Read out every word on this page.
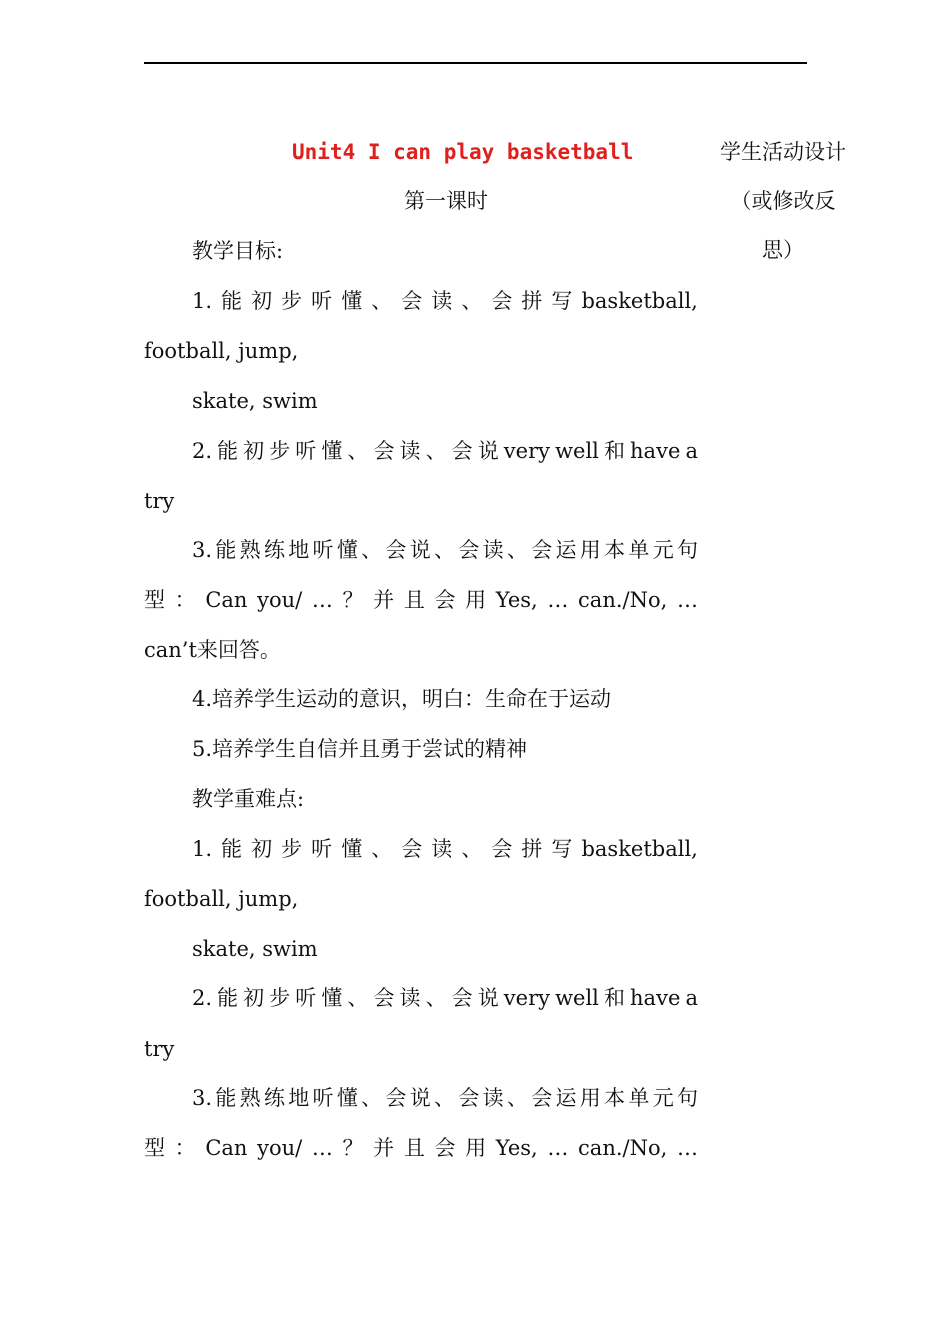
Unit4 I can play basketball
第一课时
学生活动设计
（或修改反
思）
教学目标:
1. 能 初 步 听 懂 、 会 读 、 会 拼 写 basketball,
football, jump,
skate, swim
2. 能 初 步 听 懂 、 会 读 、 会 说 very well 和 have a
try
3. 能 熟 练 地 听 懂 、 会 说 、 会 读 、 会 运 用 本 单 元 句
型 ： Can you/ … ？ 并 且 会 用 Yes, … can./No, …
can’t来回答。
4.培养学生运动的意识，明白：生命在于运动
5.培养学生自信并且勇于尝试的精神
教学重难点:
1. 能 初 步 听 懂 、 会 读 、 会 拼 写 basketball,
football, jump,
skate, swim
2. 能 初 步 听 懂 、 会 读 、 会 说 very well 和 have a
try
3. 能 熟 练 地 听 懂 、 会 说 、 会 读 、 会 运 用 本 单 元 句
型 ： Can you/ … ？ 并 且 会 用 Yes, … can./No, …
